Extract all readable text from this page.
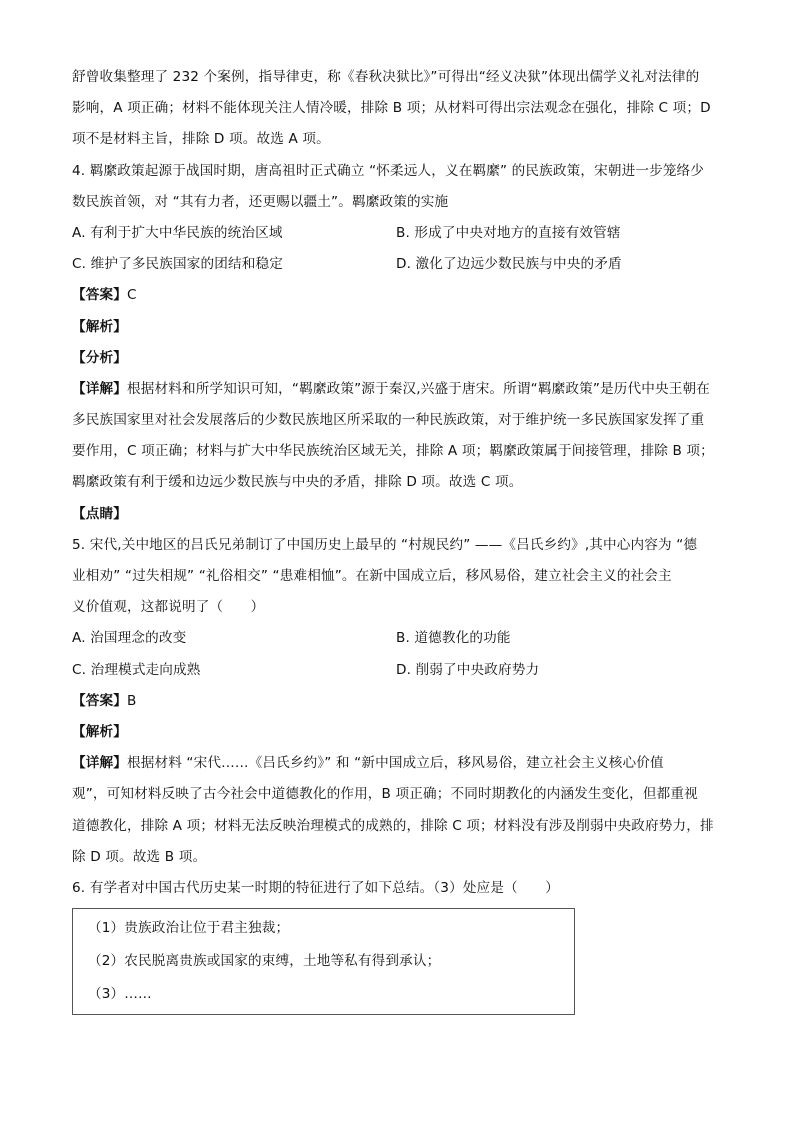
舒曾收集整理了 232 个案例，指导律吏，称《春秋决狱比》”可得出“经义决狱”体现出儒学义礼对法律的
影响，A 项正确；材料不能体现关注人情冷暖，排除 B 项；从材料可得出宗法观念在强化，排除 C 项；D
项不是材料主旨，排除 D 项。故选 A 项。
4. 羁縻政策起源于战国时期，唐高祖时正式确立 “怀柔远人，义在羁縻” 的民族政策，宋朝进一步笼络少
数民族首领，对 “其有力者，还更赐以疆土”。羁縻政策的实施
A. 有利于扩大中华民族的统治区域	B. 形成了中央对地方的直接有效管辖
C. 维护了多民族国家的团结和稳定	D. 激化了边远少数民族与中央的矛盾
【答案】C
【解析】
【分析】
【详解】根据材料和所学知识可知，“羁縻政策”源于秦汉,兴盛于唐宋。所谓“羁縻政策”是历代中央王朝在
多民族国家里对社会发展落后的少数民族地区所采取的一种民族政策，对于维护统一多民族国家发挥了重
要作用，C 项正确；材料与扩大中华民族统治区域无关，排除 A 项；羁縻政策属于间接管理，排除 B 项；
羁縻政策有利于缓和边远少数民族与中央的矛盾，排除 D 项。故选 C 项。
【点睛】
5. 宋代,关中地区的吕氏兄弟制订了中国历史上最早的 “村规民约” ——《吕氏乡约》,其中心内容为 “德
业相劝” “过失相规” “礼俗相交” “患难相恤”。在新中国成立后，移风易俗，建立社会主义的社会主
义价值观，这都说明了（　　）
A. 治国理念的改变	B. 道德教化的功能
C. 治理模式走向成熟	D. 削弱了中央政府势力
【答案】B
【解析】
【详解】根据材料 “宋代……《吕氏乡约》” 和 “新中国成立后，移风易俗，建立社会主义核心价值
观”，可知材料反映了古今社会中道德教化的作用，B 项正确；不同时期教化的内涵发生变化，但都重视
道德教化，排除 A 项；材料无法反映治理模式的成熟的，排除 C 项；材料没有涉及削弱中央政府势力，排
除 D 项。故选 B 项。
6. 有学者对中国古代历史某一时期的特征进行了如下总结。（3）处应是（　　）
（1）贵族政治让位于君主独裁；
（2）农民脱离贵族或国家的束缚，土地等私有得到承认；
（3）……
